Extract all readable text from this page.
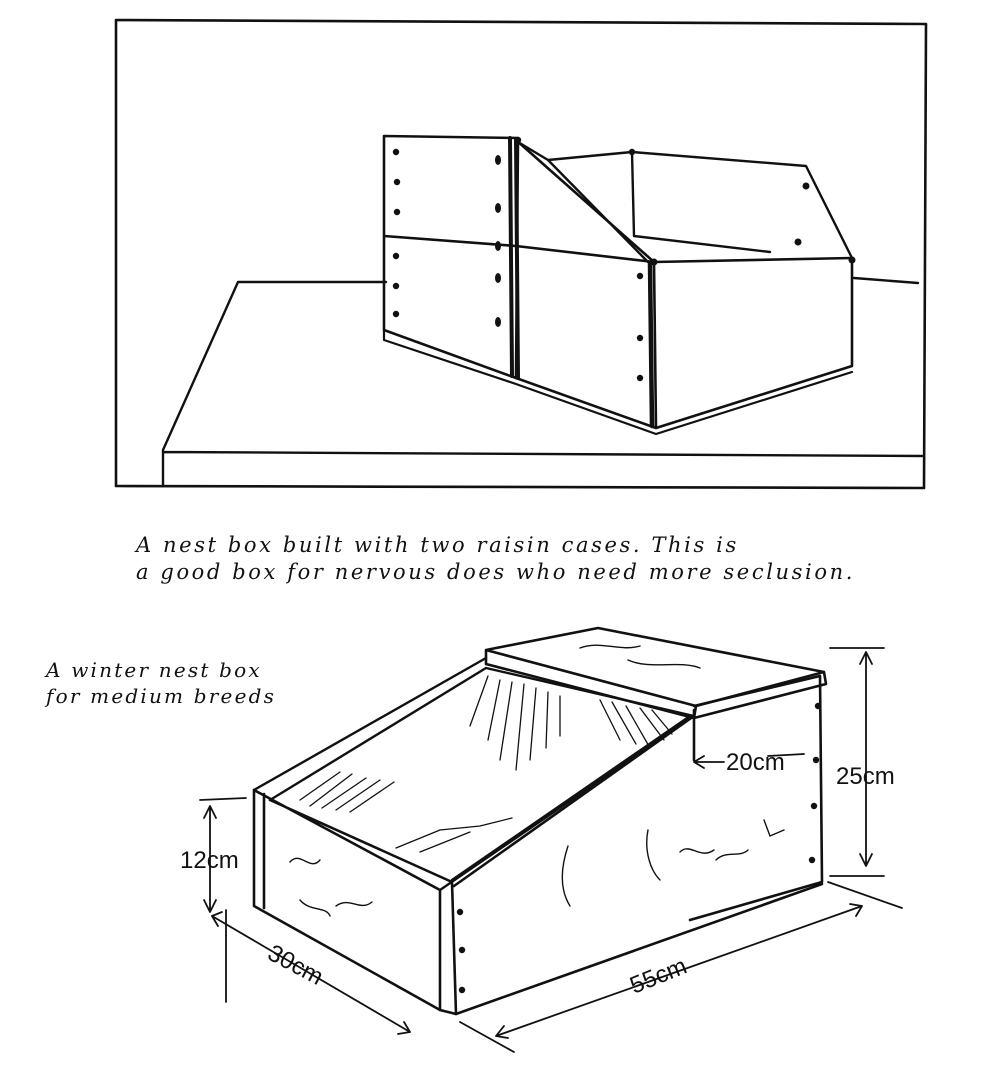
12cm
30cm	55cm
25cm
20cm

A nest box built with two raisin cases. This is

a good box for nervous does who need more seclusion.

A winter nest box

for medium breeds
